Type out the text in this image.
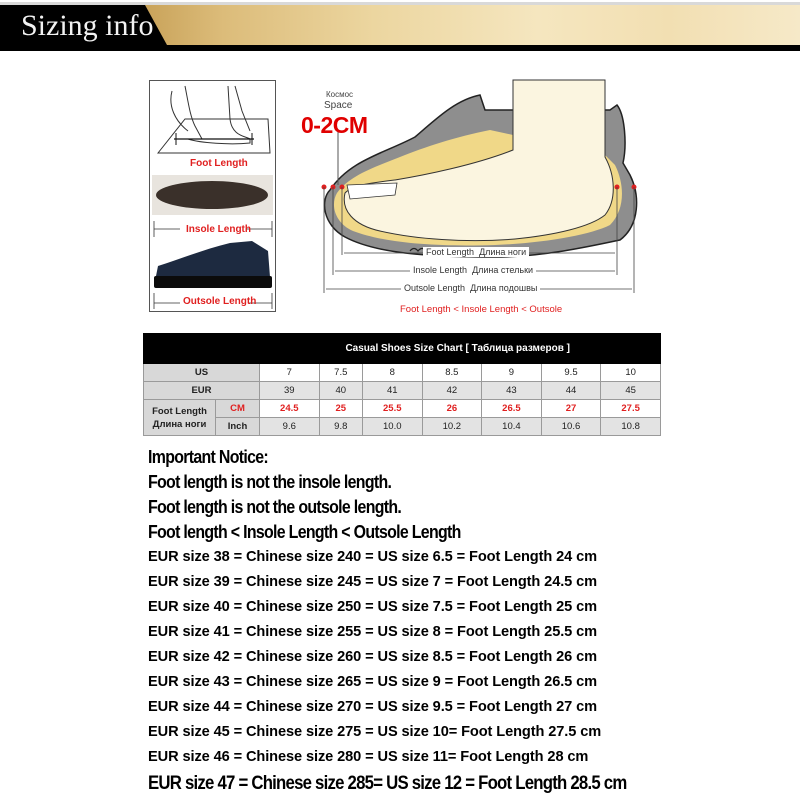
Sizing info
Foot Length
Insole Length
Outsole Length
Космос
Space
0-2CM
Foot Length Длина ноги
Insole Length Длина стельки
Outsole Length Длина подошвы
Foot Length < Insole Length < Outsole
Casual Shoes Size Chart [ Таблица размеров ]								
US		7	7.5	8	8.5	9	9.5	10
EUR		39	40	41	42	43	44	45
Foot Length
Длина ноги	CM	24.5	25	25.5	26	26.5	27	27.5
	Inch	9.6	9.8	10.0	10.2	10.4	10.6	10.8
Important Notice:
Foot length is not the insole length.
Foot length is not the outsole length.
Foot length < Insole Length < Outsole Length
EUR size 38 = Chinese size 240 = US size 6.5 = Foot Length 24 cm
EUR size 39 = Chinese size 245 = US size 7 = Foot Length 24.5 cm
EUR size 40 = Chinese size 250 = US size 7.5 = Foot Length 25 cm
EUR size 41 = Chinese size 255 = US size 8 = Foot Length 25.5 cm
EUR size 42 = Chinese size 260 = US size 8.5 = Foot Length 26 cm
EUR size 43 = Chinese size 265 = US size 9 = Foot Length 26.5 cm
EUR size 44 = Chinese size 270 = US size 9.5 = Foot Length 27 cm
EUR size 45 = Chinese size 275 = US size 10= Foot Length 27.5 cm
EUR size 46 = Chinese size 280 = US size 11= Foot Length 28 cm
EUR size 47 = Chinese size 285= US size 12 = Foot Length 28.5 cm
